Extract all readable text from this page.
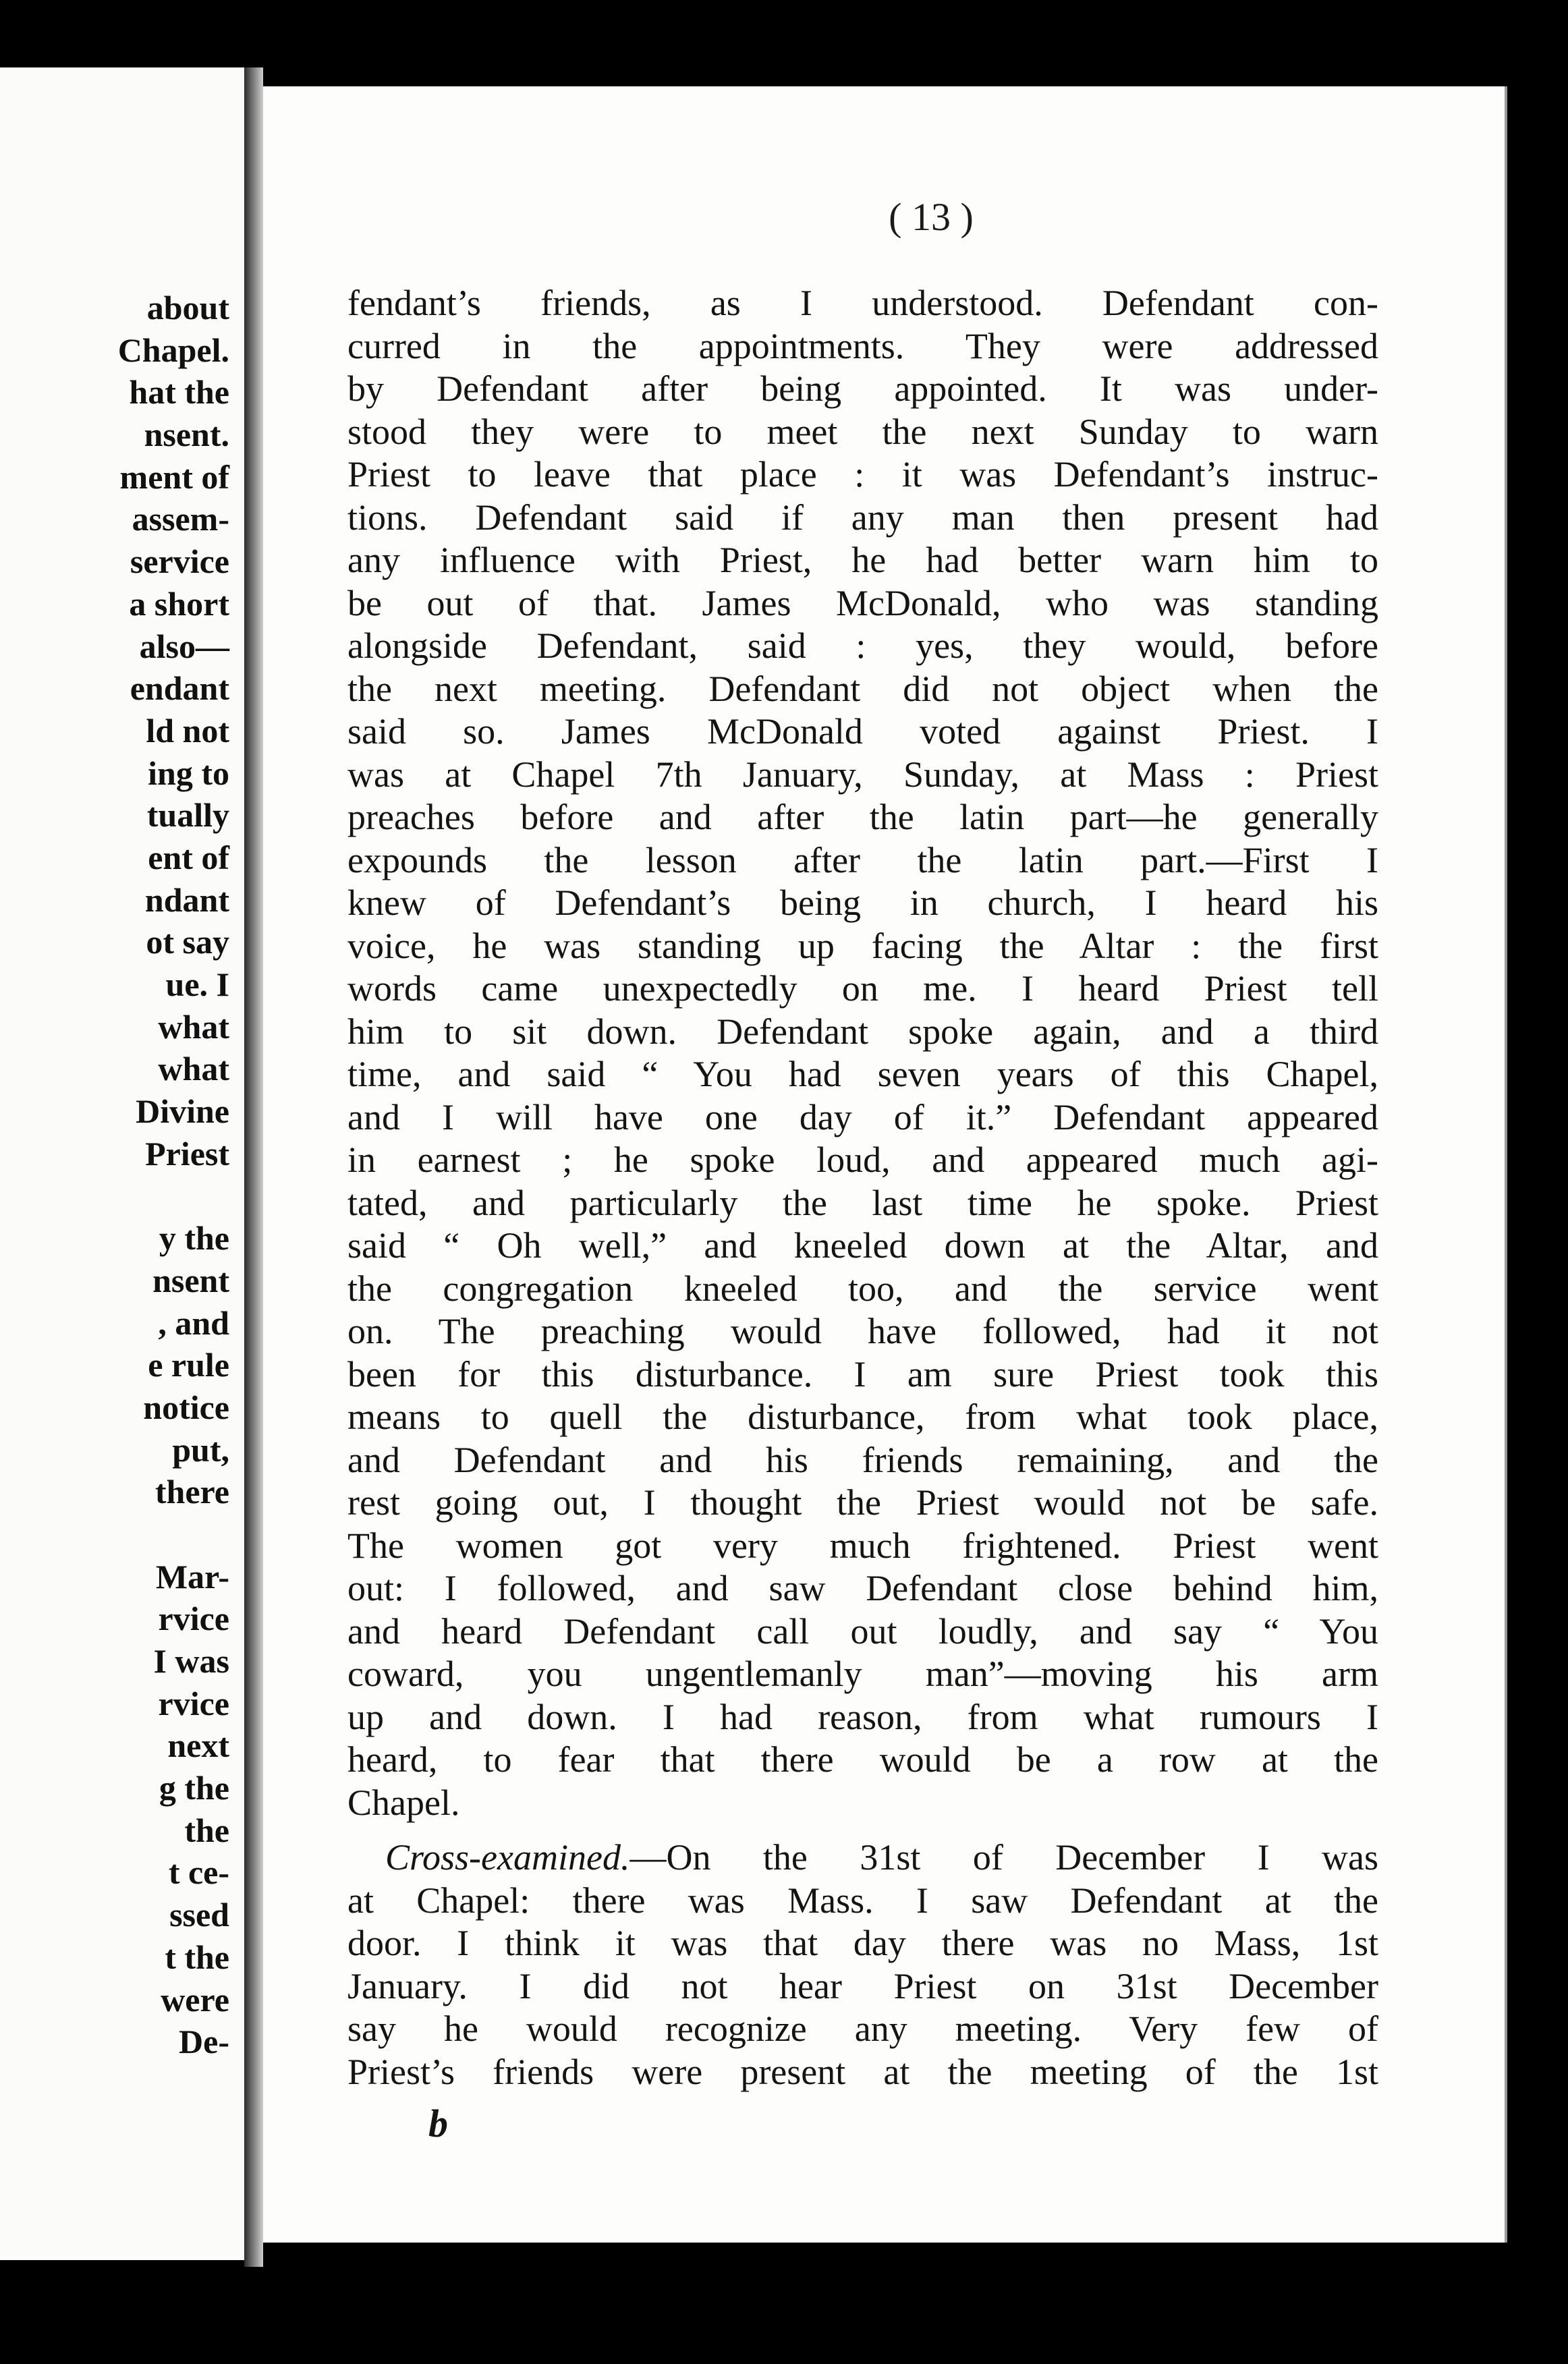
about
Chapel.
hat the
nsent.
ment of
assem-
service
a short
also—
endant
ld not
ing to
tually
ent of
ndant
ot say
ue. I
what
what
Divine
Priest
y the
nsent
, and
e rule
notice
put,
there
Mar-
rvice
I was
rvice
next
g the
the
t ce-
ssed
t the
were
De-

( 13 )

fendant’s friends, as I understood. Defendant con-
curred in the appointments. They were addressed
by Defendant after being appointed. It was under-
stood they were to meet the next Sunday to warn
Priest to leave that place : it was Defendant’s instruc-
tions. Defendant said if any man then present had
any influence with Priest, he had better warn him to
be out of that. James McDonald, who was standing
alongside Defendant, said : yes, they would, before
the next meeting. Defendant did not object when the
said so. James McDonald voted against Priest. I
was at Chapel 7th January, Sunday, at Mass : Priest
preaches before and after the latin part—he generally
expounds the lesson after the latin part.—First I
knew of Defendant’s being in church, I heard his
voice, he was standing up facing the Altar : the first
words came unexpectedly on me. I heard Priest tell
him to sit down. Defendant spoke again, and a third
time, and said “ You had seven years of this Chapel,
and I will have one day of it.” Defendant appeared
in earnest ; he spoke loud, and appeared much agi-
tated, and particularly the last time he spoke. Priest
said “ Oh well,” and kneeled down at the Altar, and
the congregation kneeled too, and the service went
on. The preaching would have followed, had it not
been for this disturbance. I am sure Priest took this
means to quell the disturbance, from what took place,
and Defendant and his friends remaining, and the
rest going out, I thought the Priest would not be safe.
The women got very much frightened. Priest went
out: I followed, and saw Defendant close behind him,
and heard Defendant call out loudly, and say “ You
coward, you ungentlemanly man”—moving his arm
up and down. I had reason, from what rumours I
heard, to fear that there would be a row at the
Chapel.

Cross-examined.—On the 31st of December I was
at Chapel: there was Mass. I saw Defendant at the
door. I think it was that day there was no Mass, 1st
January. I did not hear Priest on 31st December
say he would recognize any meeting. Very few of
Priest’s friends were present at the meeting of the 1st

b
